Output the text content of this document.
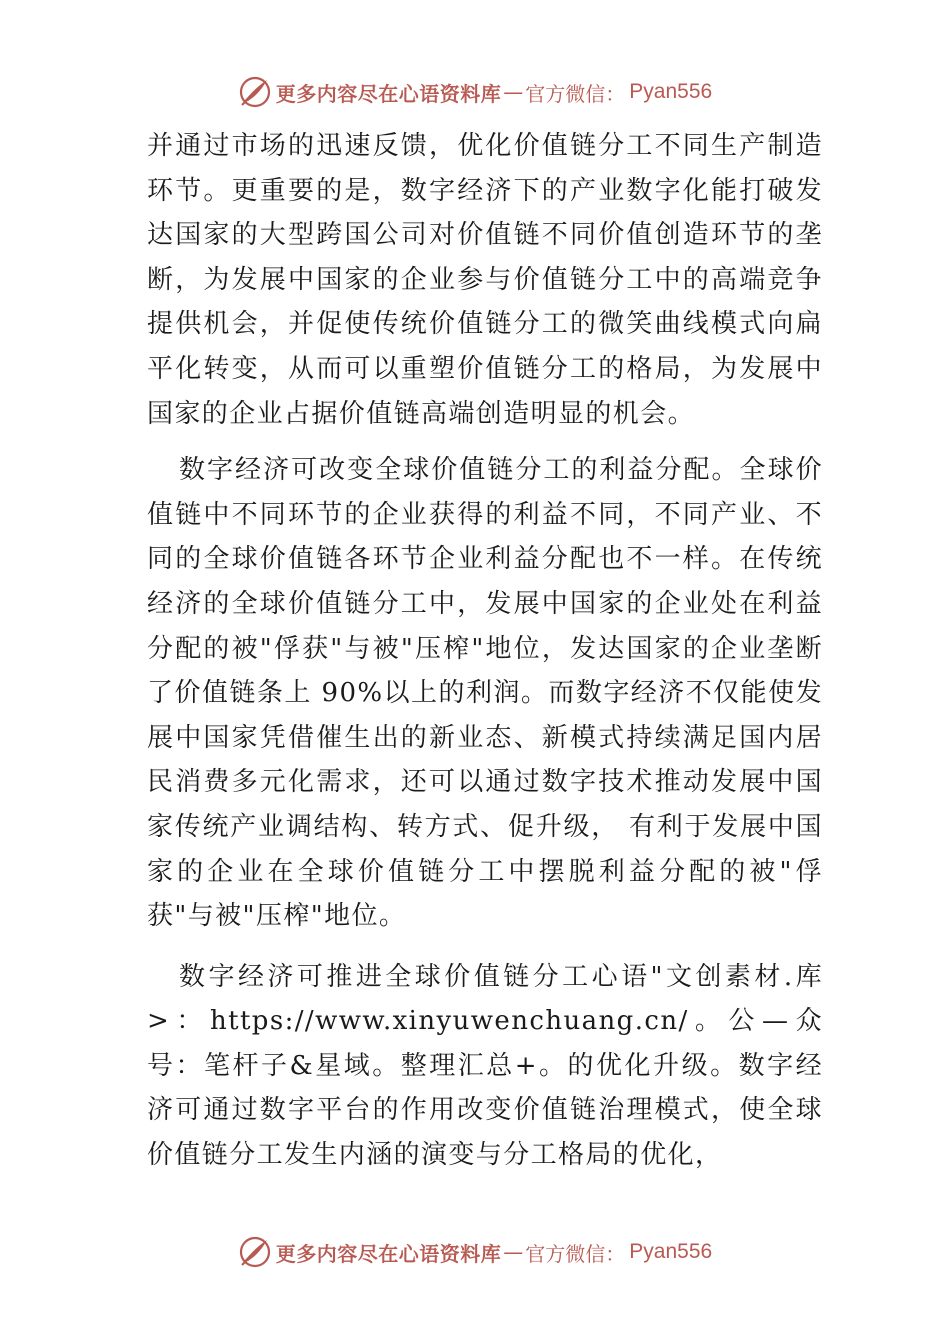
更多内容尽在心语资料库 — 官方微信： Pyan556

并通过市场的迅速反馈，优化价值链分工不同生产制造环节。更重要的是，数字经济下的产业数字化能打破发达国家的大型跨国公司对价值链不同价值创造环节的垄断，为发展中国家的企业参与价值链分工中的高端竞争提供机会，并促使传统价值链分工的微笑曲线模式向扁平化转变，从而可以重塑价值链分工的格局，为发展中国家的企业占据价值链高端创造明显的机会。

数字经济可改变全球价值链分工的利益分配。全球价值链中不同环节的企业获得的利益不同，不同产业、不同的全球价值链各环节企业利益分配也不一样。在传统经济的全球价值链分工中，发展中国家的企业处在利益分配的被"俘获"与被"压榨"地位，发达国家的企业垄断了价值链条上 90%以上的利润。而数字经济不仅能使发展中国家凭借催生出的新业态、新模式持续满足国内居民消费多元化需求，还可以通过数字技术推动发展中国家传统产业调结构、转方式、促升级， 有利于发展中国家的企业在全球价值链分工中摆脱利益分配的被"俘获"与被"压榨"地位。

数字经济可推进全球价值链分工心语"文创素材.库>：https://www.xinyuwenchuang.cn/。公—众号：笔杆子&星域。整理汇总+。的优化升级。数字经济可通过数字平台的作用改变价值链治理模式，使全球价值链分工发生内涵的演变与分工格局的优化，

更多内容尽在心语资料库 — 官方微信： Pyan556
